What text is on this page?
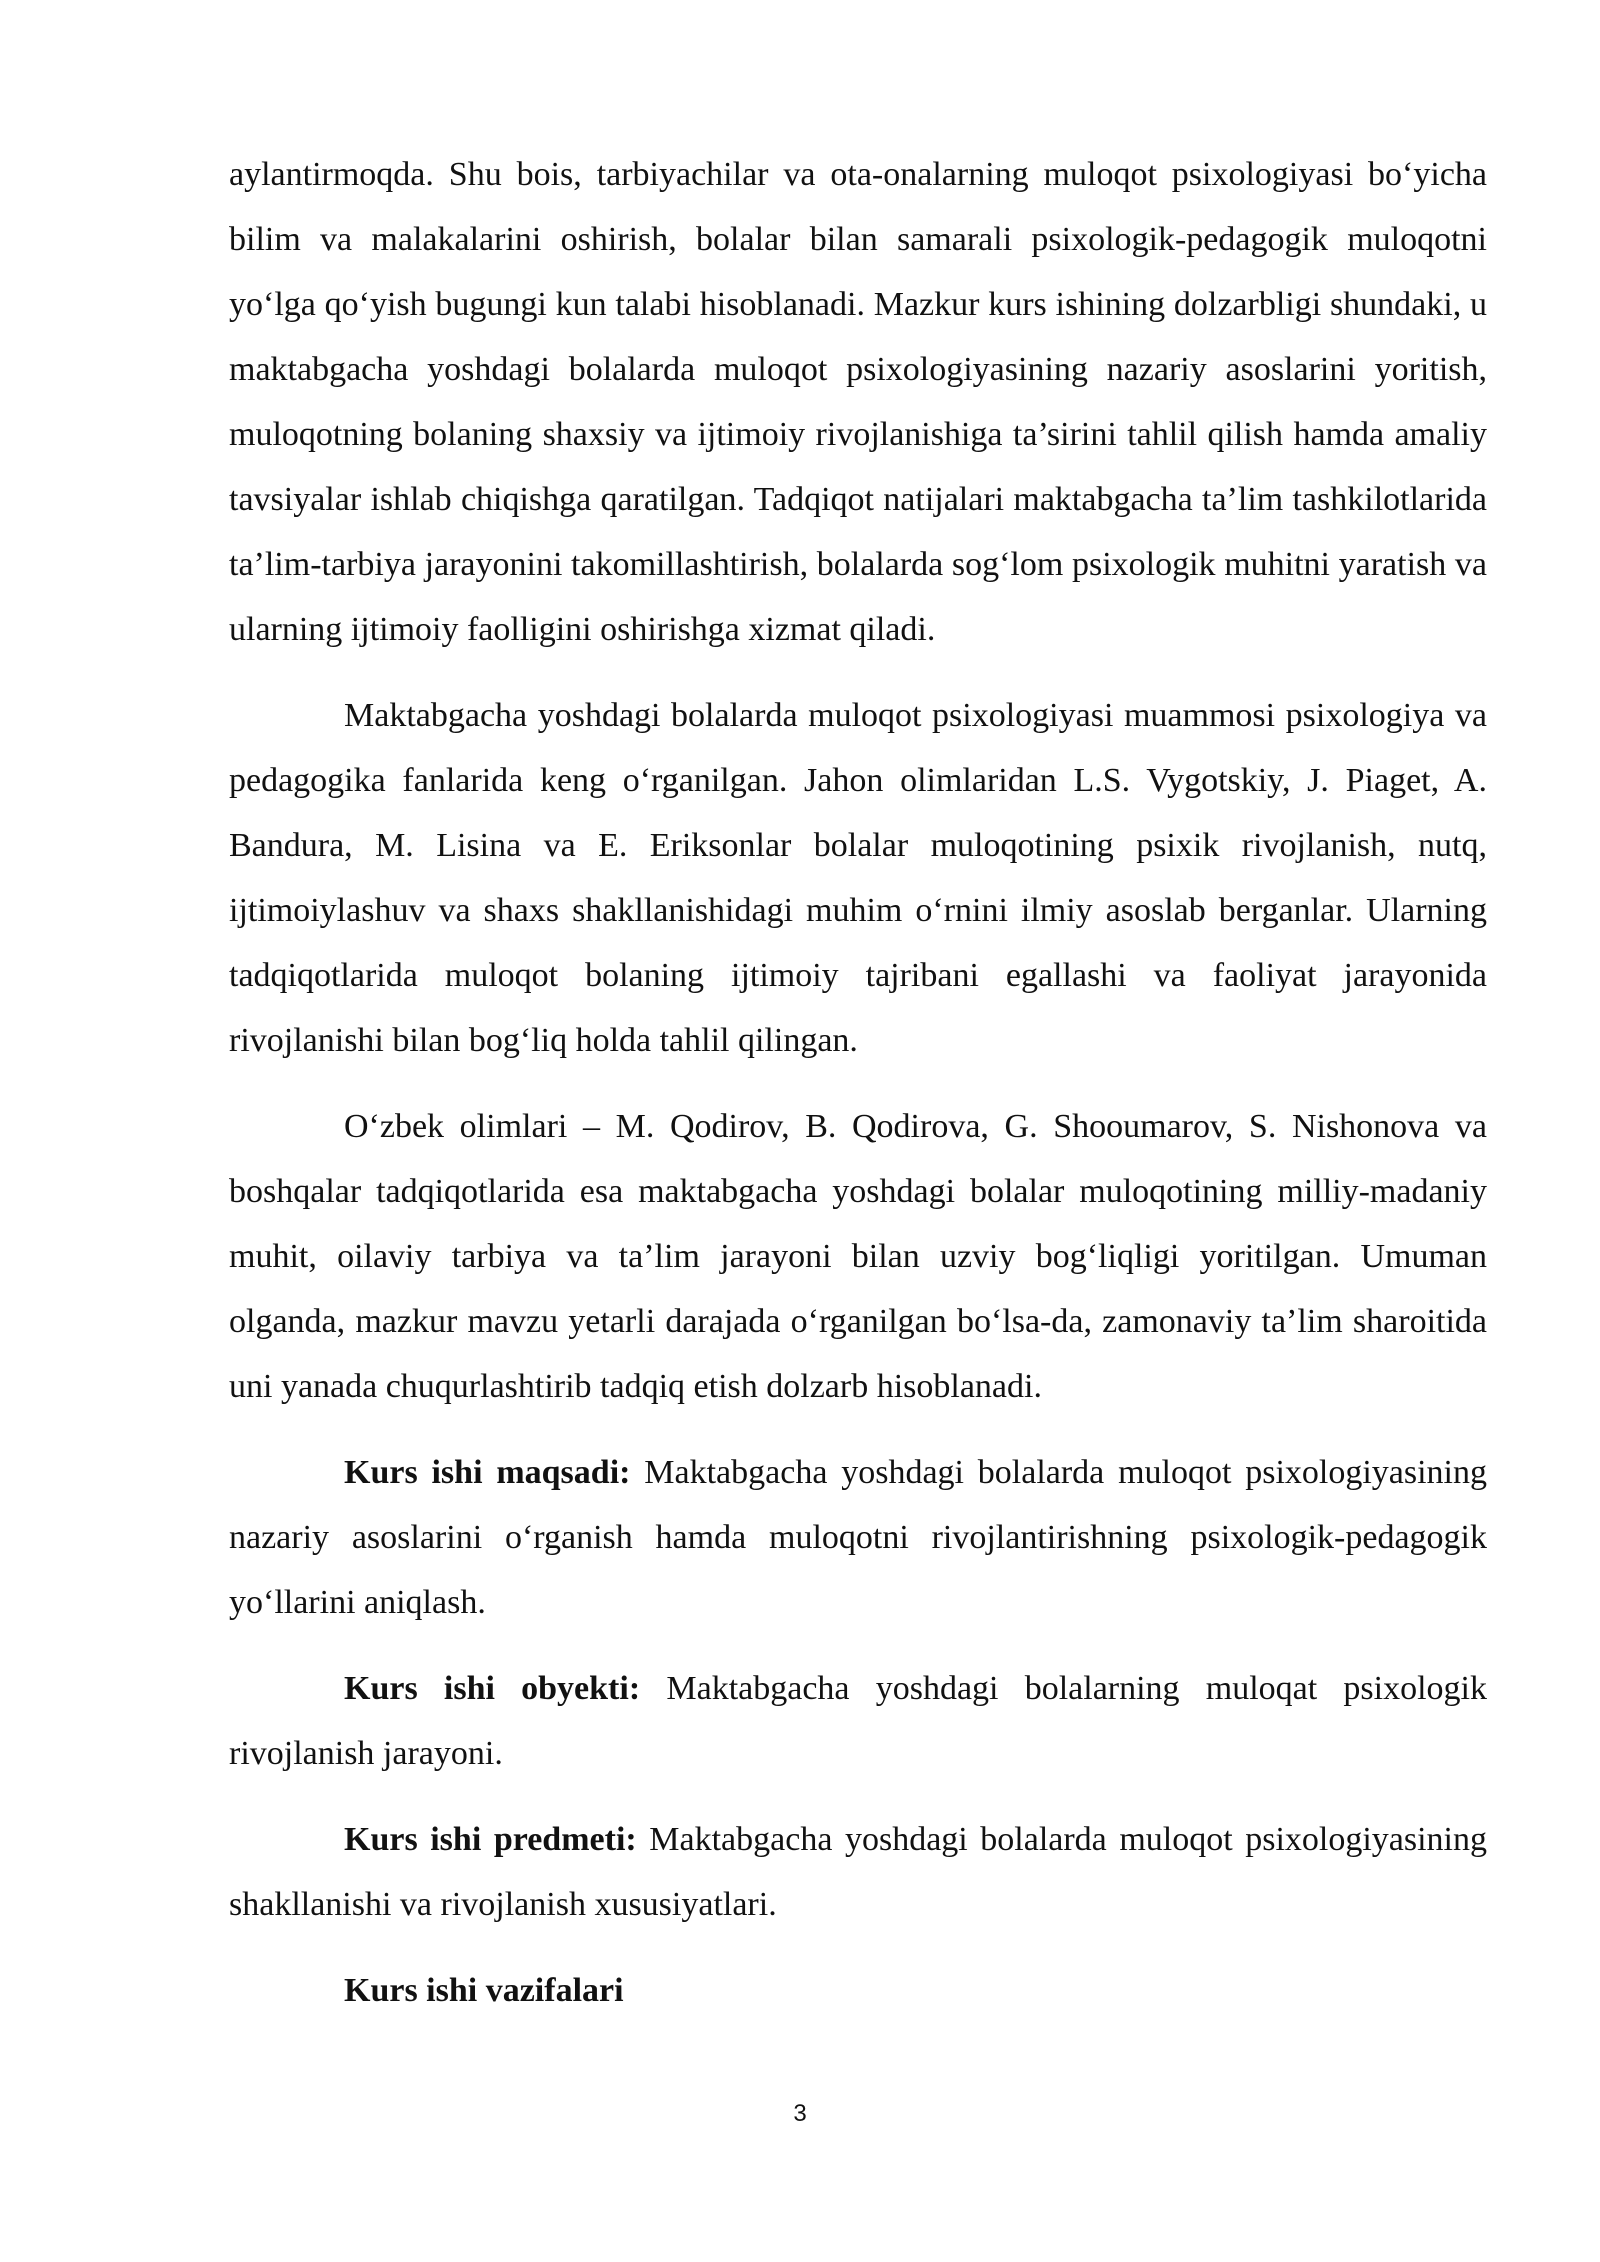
aylantirmoqda. Shu bois, tarbiyachilar va ota-onalarning muloqot psixologiyasi bo‘yicha bilim va malakalarini oshirish, bolalar bilan samarali psixologik-pedagogik muloqotni yo‘lga qo‘yish bugungi kun talabi hisoblanadi. Mazkur kurs ishining dolzarbligi shundaki, u maktabgacha yoshdagi bolalarda muloqot psixologiyasining nazariy asoslarini yoritish, muloqotning bolaning shaxsiy va ijtimoiy rivojlanishiga ta’sirini tahlil qilish hamda amaliy tavsiyalar ishlab chiqishga qaratilgan. Tadqiqot natijalari maktabgacha ta’lim tashkilotlarida ta’lim-tarbiya jarayonini takomillashtirish, bolalarda sog‘lom psixologik muhitni yaratish va ularning ijtimoiy faolligini oshirishga xizmat qiladi.

Maktabgacha yoshdagi bolalarda muloqot psixologiyasi muammosi psixologiya va pedagogika fanlarida keng o‘rganilgan. Jahon olimlaridan L.S. Vygotskiy, J. Piaget, A. Bandura, M. Lisina va E. Eriksonlar bolalar muloqotining psixik rivojlanish, nutq, ijtimoiylashuv va shaxs shakllanishidagi muhim o‘rnini ilmiy asoslab berganlar. Ularning tadqiqotlarida muloqot bolaning ijtimoiy tajribani egallashi va faoliyat jarayonida rivojlanishi bilan bog‘liq holda tahlil qilingan.

O‘zbek olimlari – M. Qodirov, B. Qodirova, G. Shooumarov, S. Nishonova va boshqalar tadqiqotlarida esa maktabgacha yoshdagi bolalar muloqotining milliy-madaniy muhit, oilaviy tarbiya va ta’lim jarayoni bilan uzviy bog‘liqligi yoritilgan. Umuman olganda, mazkur mavzu yetarli darajada o‘rganilgan bo‘lsa-da, zamonaviy ta’lim sharoitida uni yanada chuqurlashtirib tadqiq etish dolzarb hisoblanadi.

Kurs ishi maqsadi: Maktabgacha yoshdagi bolalarda muloqot psixologiyasining nazariy asoslarini o‘rganish hamda muloqotni rivojlantirishning psixologik-pedagogik yo‘llarini aniqlash.

Kurs ishi obyekti: Maktabgacha yoshdagi bolalarning muloqat psixologik rivojlanish jarayoni.

Kurs ishi predmeti: Maktabgacha yoshdagi bolalarda muloqot psixologiyasining shakllanishi va rivojlanish xususiyatlari.

Kurs ishi vazifalari

3
